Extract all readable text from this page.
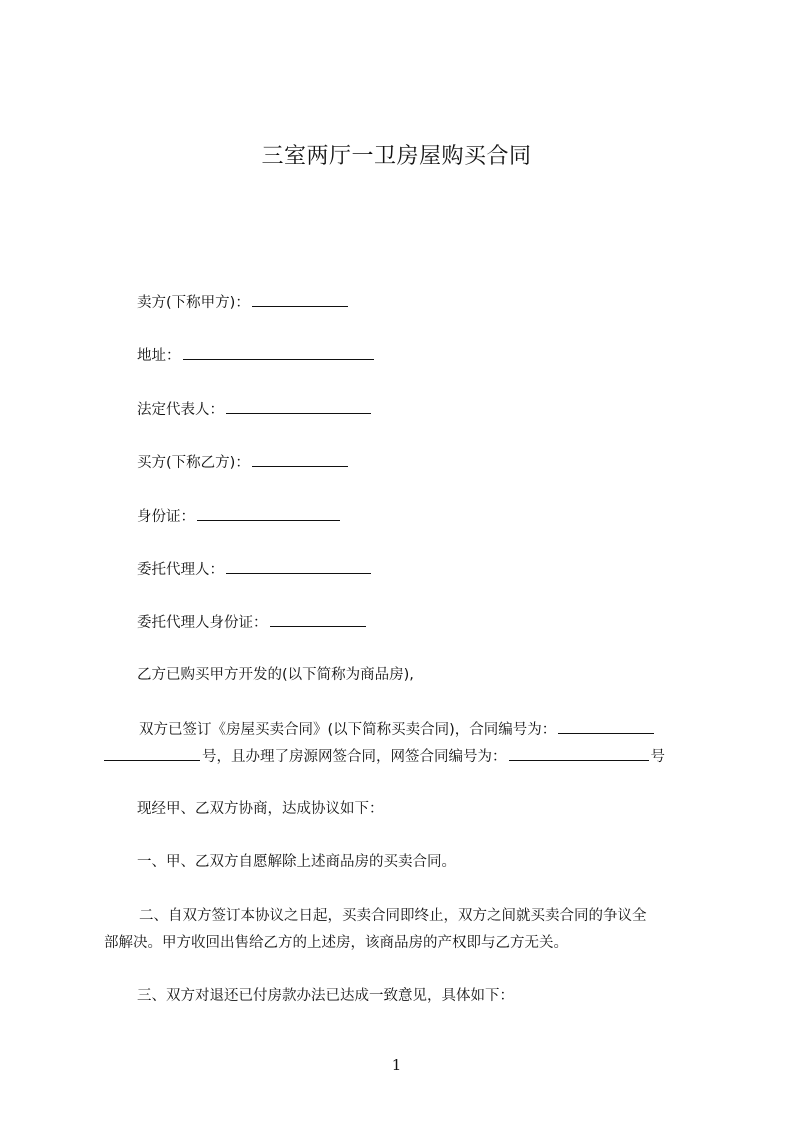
三室两厅一卫房屋购买合同
卖方(下称甲方)：
地址：
法定代表人：
买方(下称乙方)：
身份证：
委托代理人：
委托代理人身份证：
乙方已购买甲方开发的(以下简称为商品房),
双方已签订《房屋买卖合同》(以下简称买卖合同)，合同编号为：
号，且办理了房源网签合同，网签合同编号为：	号
现经甲、乙双方协商，达成协议如下：
一、甲、乙双方自愿解除上述商品房的买卖合同。
二、自双方签订本协议之日起，买卖合同即终止，双方之间就买卖合同的争议全
部解决。甲方收回出售给乙方的上述房，该商品房的产权即与乙方无关。
三、双方对退还已付房款办法已达成一致意见，具体如下：
1
